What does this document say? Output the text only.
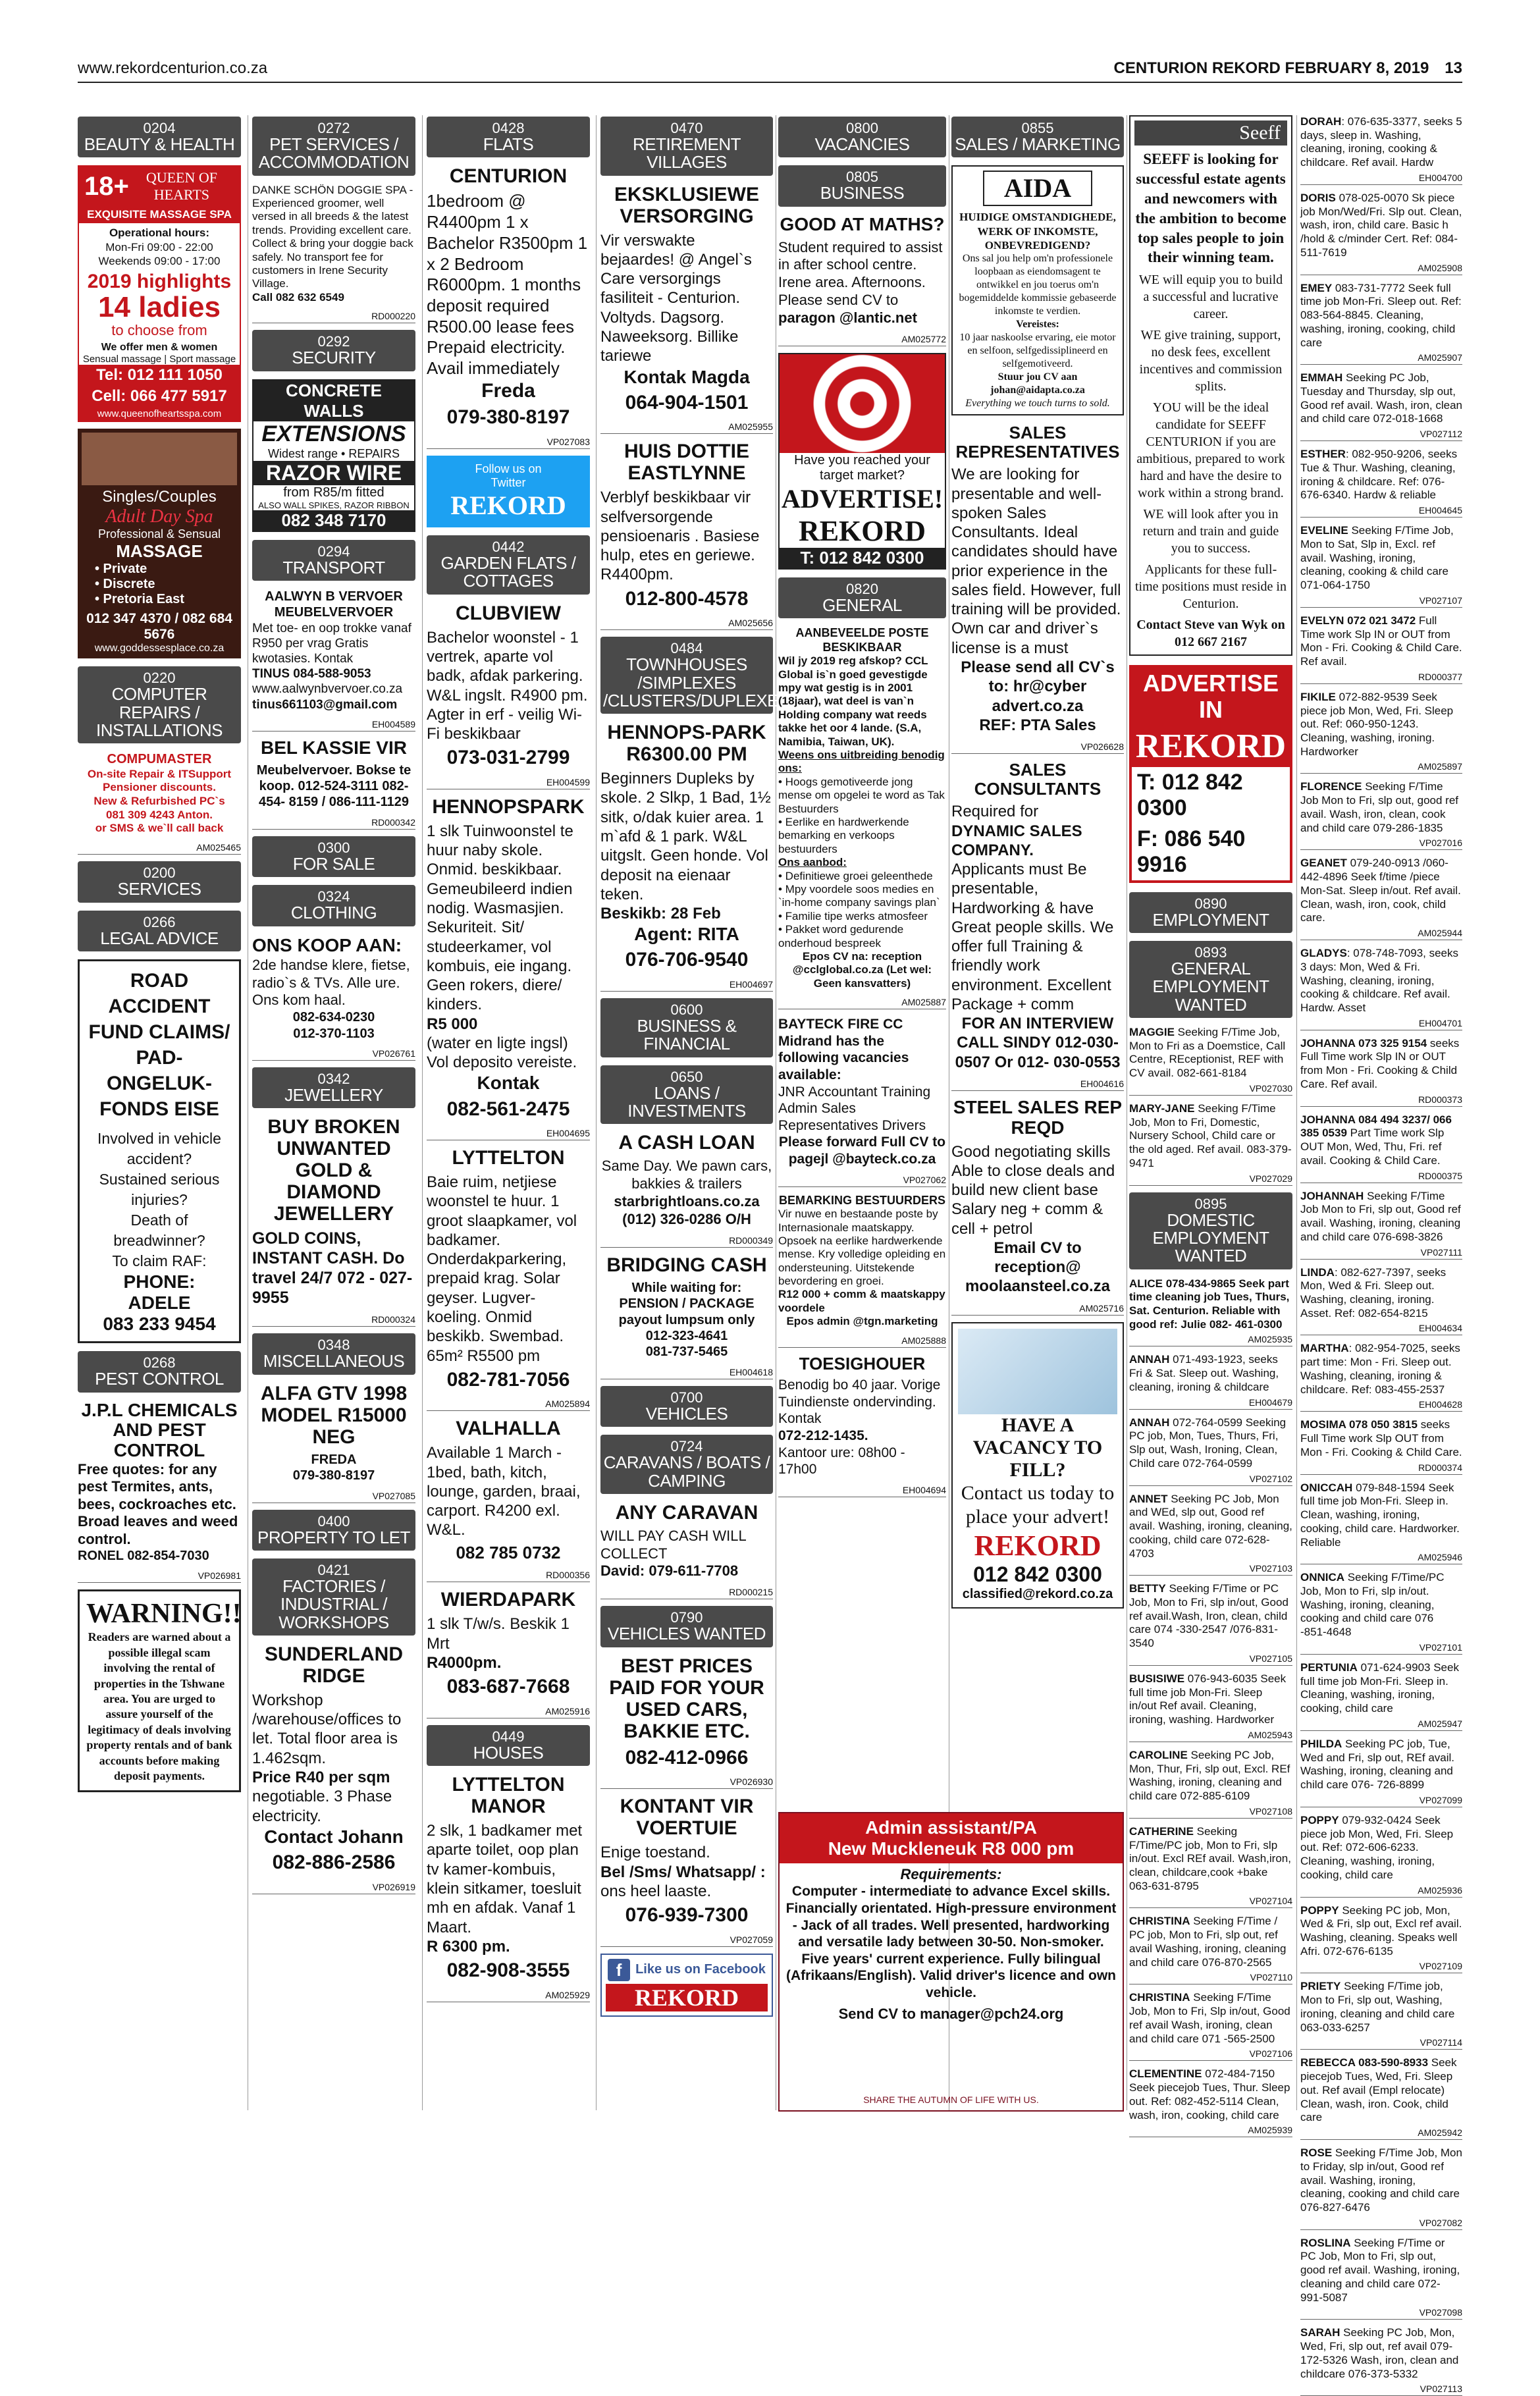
www.rekordcenturion.co.za	CENTURION REKORD FEBRUARY 8, 2019 13
0204
BEAUTY & HEALTH
18+	QUEEN OF HEARTS
EXQUISITE MASSAGE SPA
Operational hours:
Mon-Fri 09:00 - 22:00
Weekends 09:00 - 17:00
2019 highlights
14 ladies
to choose from
We offer men & women
Sensual massage | Sport massage
Tel: 012 111 1050
Cell: 066 477 5917
www.queenofheartsspa.com
Singles/Couples
Adult Day Spa
Professional & Sensual
MASSAGE
• Private
• Discrete
• Pretoria East
012 347 4370 / 082 684 5676
www.goddessesplace.co.za
0220
COMPUTER REPAIRS / INSTALLATIONS
COMPUMASTER
On-site Repair & ITSupport
Pensioner discounts.
New & Refurbished PC`s
081 309 4243 Anton.
or SMS & we`ll call back
AM025465
0200
SERVICES
0266
LEGAL ADVICE
ROAD ACCIDENT FUND CLAIMS/ PAD-ONGELUK-FONDS EISE
Involved in vehicle accident?
Sustained serious injuries?
Death of breadwinner?
To claim RAF:
PHONE:
ADELE
083 233 9454
0268
PEST CONTROL
J.P.L CHEMICALS AND PEST CONTROL
Free quotes: for any pest Termites, ants, bees, cockroaches etc. Broad leaves and weed control.
RONEL 082-854-7030
VP026981
WARNING!!
Readers are warned about a possible illegal scam involving the rental of properties in the Tshwane area. You are urged to assure yourself of the legitimacy of deals involving property rentals and of bank accounts before making deposit payments.
0272
PET SERVICES / ACCOMMODATION
DANKE SCHÖN DOGGIE SPA - Experienced groomer, well versed in all breeds & the latest trends. Providing excellent care. Collect & bring your doggie back safely. No transport fee for customers in Irene Security Village.
Call 082 632 6549
RD000220
0292
SECURITY
CONCRETE WALLS
EXTENSIONS
Widest range • REPAIRS
RAZOR WIRE
from R85/m fitted
ALSO WALL SPIKES, RAZOR RIBBON
082 348 7170
0294
TRANSPORT
AALWYN B VERVOER MEUBELVERVOER
Met toe- en oop trokke vanaf R950 per vrag Gratis kwotasies. Kontak
TINUS 084-588-9053
www.aalwynbvervoer.co.za
tinus661103@gmail.com
EH004589
BEL KASSIE VIR
Meubelvervoer. Bokse te koop. 012-524-3111 082-454- 8159 / 086-111-1129
RD000342
0300
FOR SALE
0324
CLOTHING
ONS KOOP AAN:
2de handse klere, fietse, radio`s & TVs. Alle ure. Ons kom haal.
082-634-0230
012-370-1103
VP026761
0342
JEWELLERY
BUY BROKEN UNWANTED GOLD & DIAMOND JEWELLERY
GOLD COINS, INSTANT CASH. Do travel 24/7 072 - 027- 9955
RD000324
0348
MISCELLANEOUS
ALFA GTV 1998 MODEL R15000 NEG
FREDA
079-380-8197
VP027085
0400
PROPERTY TO LET
0421
FACTORIES / INDUSTRIAL / WORKSHOPS
SUNDERLAND RIDGE
Workshop /warehouse/offices to let. Total floor area is 1.462sqm.
Price R40 per sqm
negotiable. 3 Phase electricity.
Contact Johann
082-886-2586
VP026919
0428
FLATS
CENTURION
1bedroom @ R4400pm 1 x Bachelor R3500pm 1 x 2 Bedroom R6000pm. 1 months deposit required R500.00 lease fees Prepaid electricity. Avail immediately
Freda
079-380-8197
VP027083
Follow us on
Twitter
REKORD
0442
GARDEN FLATS / COTTAGES
CLUBVIEW
Bachelor woonstel - 1 vertrek, aparte vol badk, afdak parkering. W&L ingslt. R4900 pm. Agter in erf - veilig Wi-Fi beskikbaar
073-031-2799
EH004599
HENNOPSPARK
1 slk Tuinwoonstel te huur naby skole. Onmid. beskikbaar. Gemeubileerd indien nodig. Wasmasjien. Sekuriteit. Sit/ studeerkamer, vol kombuis, eie ingang. Geen rokers, diere/ kinders.
R5 000
(water en ligte ingsl) Vol deposito vereiste.
Kontak
082-561-2475
EH004695
LYTTELTON
Baie ruim, netjiese woonstel te huur. 1 groot slaapkamer, vol badkamer. Onderdakparkering, prepaid krag. Solar geyser. Lugver-koeling. Onmid beskikb. Swembad. 65m² R5500 pm
082-781-7056
AM025894
VALHALLA
Available 1 March - 1bed, bath, kitch, lounge, garden, braai, carport. R4200 exl. W&L.
082 785 0732
RD000356
WIERDAPARK
1 slk T/w/s. Beskik 1 Mrt
R4000pm.
083-687-7668
AM025916
0449
HOUSES
LYTTELTON MANOR
2 slk, 1 badkamer met aparte toilet, oop plan tv kamer-kombuis, klein sitkamer, toesluit mh en afdak. Vanaf 1 Maart.
R 6300 pm.
082-908-3555
AM025929
0470
RETIREMENT VILLAGES
EKSKLUSIEWE VERSORGING
Vir verswakte bejaardes! @ Angel`s Care versorgings fasiliteit - Centurion. Voltyds. Dagsorg. Naweeksorg. Billike tariewe
Kontak Magda
064-904-1501
AM025955
HUIS DOTTIE EASTLYNNE
Verblyf beskikbaar vir selfversorgende pensioenaris . Basiese hulp, etes en geriewe. R4400pm.
012-800-4578
AM025656
0484
TOWNHOUSES /SIMPLEXES /CLUSTERS/DUPLEXES
HENNOPS-PARK R6300.00 PM
Beginners Dupleks by skole. 2 Slkp, 1 Bad, 1½ sitk, o/dak kuier area. 1 m`afd & 1 park. W&L uitgslt. Geen honde. Vol deposit na eienaar teken.
Beskikb: 28 Feb
Agent: RITA
076-706-9540
EH004697
0600
BUSINESS & FINANCIAL
0650
LOANS / INVESTMENTS
A CASH LOAN
Same Day. We pawn cars, bakkies & trailers
starbrightloans.co.za
(012) 326-0286 O/H
RD000349
BRIDGING CASH
While waiting for: PENSION / PACKAGE payout lumpsum only
012-323-4641
081-737-5465
EH004618
0700
VEHICLES
0724
CARAVANS / BOATS / CAMPING
ANY CARAVAN
WILL PAY CASH WILL COLLECT
David: 079-611-7708
RD000215
0790
VEHICLES WANTED
BEST PRICES PAID FOR YOUR USED CARS, BAKKIE ETC.
082-412-0966
VP026930
KONTANT VIR VOERTUIE
Enige toestand.
Bel /Sms/ Whatsapp/ :
ons heel laaste.
076-939-7300
VP027059
f	Like us on Facebook
REKORD
0800
VACANCIES
0805
BUSINESS
GOOD AT MATHS?
Student required to assist in after school centre. Irene area. Afternoons. Please send CV to
paragon @lantic.net
AM025772
Have you reached your target market?
ADVERTISE!
REKORD
T: 012 842 0300
0820
GENERAL
AANBEVEELDE POSTE BESKIKBAAR
Wil jy 2019 reg afskop? CCL Global is`n goed gevestigde mpy wat gestig is in 2001 (18jaar), wat deel is van`n Holding company wat reeds takke het oor 4 lande. (S.A, Namibia, Taiwan, UK).
Weens ons uitbreiding benodig ons:
• Hoogs gemotiveerde jong mense om opgelei te word as Tak Bestuurders
• Eerlike en hardwerkende bemarking en verkoops bestuurders
Ons aanbod:
• Definitiewe groei geleenthede
• Mpy voordele soos medies en `in-home company savings plan`
• Familie tipe werks atmosfeer
• Pakket word gedurende onderhoud bespreek
Epos CV na: reception @cclglobal.co.za (Let wel: Geen kansvatters)
AM025887
BAYTECK FIRE CC Midrand has the following vacancies available:
JNR Accountant Training Admin Sales Representatives Drivers
Please forward Full CV to
pagejl @bayteck.co.za
VP027062
BEMARKING BESTUURDERS
Vir nuwe en bestaande poste by Internasionale maatskappy. Opsoek na eerlike hardwerkende mense. Kry volledige opleiding en ondersteuning. Uitstekende bevordering en groei.
R12 000 + comm & maatskappy voordele
Epos admin @tgn.marketing
AM025888
TOESIGHOUER
Benodig bo 40 jaar. Vorige Tuindienste ondervinding. Kontak
072-212-1435.
Kantoor ure: 08h00 - 17h00
EH004694
0855
SALES / MARKETING
AIDA
HUIDIGE OMSTANDIGHEDE, WERK OF INKOMSTE, ONBEVREDIGEND?
Ons sal jou help om'n professionele loopbaan as eiendomsagent te ontwikkel en jou toerus om'n bogemiddelde kommissie gebaseerde inkomste te verdien.
Vereistes:
10 jaar naskoolse ervaring, eie motor en selfoon, selfgedissiplineerd en selfgemotiveerd.
Stuur jou CV aan
johan@aidapta.co.za
Everything we touch turns to sold.
SALES REPRESENTATIVES
We are looking for presentable and well-spoken Sales Consultants. Ideal candidates should have prior experience in the sales field. However, full training will be provided. Own car and driver`s license is a must
Please send all CV`s to: hr@cyber advert.co.za
REF: PTA Sales
VP026628
SALES CONSULTANTS
Required for
DYNAMIC SALES COMPANY.
Applicants must Be presentable, Hardworking & have Great people skills. We offer full Training & friendly work environment. Excellent Package + comm
FOR AN INTERVIEW CALL SINDY 012-030-0507 Or 012- 030-0553
EH004616
STEEL SALES REP REQD
Good negotiating skills Able to close deals and build new client base Salary neg + comm & cell + petrol
Email CV to reception@ moolaansteel.co.za
AM025716
HAVE A VACANCY TO FILL?
Contact us today to place your advert!
REKORD
012 842 0300
classified@rekord.co.za
Admin assistant/PA
New Muckleneuk R8 000 pm
Requirements:
Computer - intermediate to advance Excel skills. Financially orientated. High-pressure environment - Jack of all trades. Well presented, hardworking and versatile lady between 30-50. Non-smoker. Five years' current experience. Fully bilingual (Afrikaans/English). Valid driver's licence and own vehicle.
Send CV to manager@pch24.org
SHARE THE AUTUMN OF LIFE WITH US.
Seeff
SEEFF is looking for successful estate agents and newcomers with the ambition to become top sales people to join their winning team.
WE will equip you to build a successful and lucrative career.
WE give training, support, no desk fees, excellent incentives and commission splits.
YOU will be the ideal candidate for SEEFF CENTURION if you are ambitious, prepared to work hard and have the desire to work within a strong brand.
WE will look after you in return and train and guide you to success.
Applicants for these full-time positions must reside in Centurion.
Contact Steve van Wyk on 012 667 2167
ADVERTISE IN
REKORD
T: 012 842 0300
F: 086 540 9916
0890
EMPLOYMENT
0893
GENERAL EMPLOYMENT WANTED
MAGGIE Seeking F/Time Job, Mon to Fri as a Doemstice, Call Centre, REceptionist, REF with CV avail. 082-661-8184
VP027030
MARY-JANE Seeking F/Time Job, Mon to Fri, Domestic, Nursery School, Child care or the old aged. Ref avail. 083-379-9471
VP027029
0895
DOMESTIC EMPLOYMENT WANTED
ALICE 078-434-9865 Seek part time cleaning job Tues, Thurs, Sat. Centurion. Reliable with good ref: Julie 082- 461-0300
AM025935
ANNAH 071-493-1923, seeks Fri & Sat. Sleep out. Washing, cleaning, ironing & childcare
EH004679
ANNAH 072-764-0599 Seeking PC job, Mon, Tues, Thurs, Fri, Slp out, Wash, Ironing, Clean, Child care 072-764-0599
VP027102
ANNET Seeking PC Job, Mon and WEd, slp out, Good ref avail. Washing, ironing, cleaning, cooking, child care 072-628-4703
VP027103
BETTY Seeking F/Time or PC Job, Mon to Fri, slp in/out, Good ref avail.Wash, Iron, clean, child care 074 -330-2547 /076-831-3540
VP027105
BUSISIWE 076-943-6035 Seek full time job Mon-Fri. Sleep in/out Ref avail. Cleaning, ironing, washing. Hardworker
AM025943
CAROLINE Seeking PC Job, Mon, Thur, Fri, slp out, Excl. REf Washing, ironing, cleaning and child care 072-885-6109
VP027108
CATHERINE Seeking F/Time/PC job, Mon to Fri, slp in/out. Excl REf avail. Wash,iron, clean, childcare,cook +bake 063-631-8795
VP027104
CHRISTINA Seeking F/Time / PC job, Mon to Fri, slp out, ref avail Washing, ironing, cleaning and child care 076-870-2565
VP027110
CHRISTINA Seeking F/Time Job, Mon to Fri, Slp in/out, Good ref avail Wash, ironing, clean and child care 071 -565-2500
VP027106
CLEMENTINE 072-484-7150 Seek piecejob Tues, Thur. Sleep out. Ref: 082-452-5114 Clean, wash, iron, cooking, child care
AM025939
DORAH: 076-635-3377, seeks 5 days, sleep in. Washing, cleaning, ironing, cooking & childcare. Ref avail. Hardw
EH004700
DORIS 078-025-0070 Sk piece job Mon/Wed/Fri. Slp out. Clean, wash, iron, child care. Basic h /hold & c/minder Cert. Ref: 084-511-7619
AM025908
EMEY 083-731-7772 Seek full time job Mon-Fri. Sleep out. Ref: 083-564-8845. Cleaning, washing, ironing, cooking, child care
AM025907
EMMAH Seeking PC Job, Tuesday and Thursday, slp out, Good ref avail. Wash, iron, clean and child care 072-018-1668
VP027112
ESTHER: 082-950-9206, seeks Tue & Thur. Washing, cleaning, ironing & childcare. Ref: 076-676-6340. Hardw & reliable
EH004645
EVELINE Seeking F/Time Job, Mon to Sat, Slp in, Excl. ref avail. Washing, ironing, cleaning, cooking & child care 071-064-1750
VP027107
EVELYN 072 021 3472 Full Time work Slp IN or OUT from Mon - Fri. Cooking & Child Care. Ref avail.
RD000377
FIKILE 072-882-9539 Seek piece job Mon, Wed, Fri. Sleep out. Ref: 060-950-1243. Cleaning, washing, ironing. Hardworker
AM025897
FLORENCE Seeking F/Time Job Mon to Fri, slp out, good ref avail. Wash, iron, clean, cook and child care 079-286-1835
VP027016
GEANET 079-240-0913 /060-442-4896 Seek f/time /piece Mon-Sat. Sleep in/out. Ref avail. Clean, wash, iron, cook, child care.
AM025944
GLADYS: 078-748-7093, seeks 3 days: Mon, Wed & Fri. Washing, cleaning, ironing, cooking & childcare. Ref avail. Hardw. Asset
EH004701
JOHANNA 073 325 9154 seeks Full Time work Slp IN or OUT from Mon - Fri. Cooking & Child Care. Ref avail.
RD000373
JOHANNA 084 494 3237/ 066 385 0539 Part Time work Slp OUT Mon, Wed, Thu, Fri. ref avail. Cooking & Child Care.
RD000375
JOHANNAH Seeking F/Time Job Mon to Fri, slp out, Good ref avail. Washing, ironing, cleaning and child care 076-698-3826
VP027111
LINDA: 082-627-7397, seeks Mon, Wed & Fri. Sleep out. Washing, cleaning, ironing. Asset. Ref: 082-654-8215
EH004634
MARTHA: 082-954-7025, seeks part time: Mon - Fri. Sleep out. Washing, cleaning, ironing & childcare. Ref: 083-455-2537
EH004628
MOSIMA 078 050 3815 seeks Full Time work Slp OUT from Mon - Fri. Cooking & Child Care.
RD000374
ONICCAH 079-848-1594 Seek full time job Mon-Fri. Sleep in. Clean, washing, ironing, cooking, child care. Hardworker. Reliable
AM025946
ONNICA Seeking F/Time/PC Job, Mon to Fri, slp in/out. Washing, ironing, cleaning, cooking and child care 076 -851-4648
VP027101
PERTUNIA 071-624-9903 Seek full time job Mon-Fri. Sleep in. Cleaning, washing, ironing, cooking, child care
AM025947
PHILDA Seeking PC job, Tue, Wed and Fri, slp out, REf avail. Washing, ironing, cleaning and child care 076- 726-8899
VP027099
POPPY 079-932-0424 Seek piece job Mon, Wed, Fri. Sleep out. Ref: 072-606-6233. Cleaning, washing, ironing, cooking, child care
AM025936
POPPY Seeking PC job, Mon, Wed & Fri, slp out, Excl ref avail. Washing, cleaning. Speaks well Afri. 072-676-6135
VP027109
PRIETY Seeking F/Time job, Mon to Fri, slp out, Washing, ironing, cleaning and child care 063-033-6257
VP027114
REBECCA 083-590-8933 Seek piecejob Tues, Wed, Fri. Sleep out. Ref avail (Empl relocate) Clean, wash, iron. Cook, child care
AM025942
ROSE Seeking F/Time Job, Mon to Friday, slp in/out, Good ref avail. Washing, ironing, cleaning, cooking and child care 076-827-6476
VP027082
ROSLINA Seeking F/Time or PC Job, Mon to Fri, slp out, good ref avail. Washing, ironing, cleaning and child care 072-991-5087
VP027098
SARAH Seeking PC Job, Mon, Wed, Fri, slp out, ref avail 079-172-5326 Wash, iron, clean and childcare 076-373-5332
VP027113
